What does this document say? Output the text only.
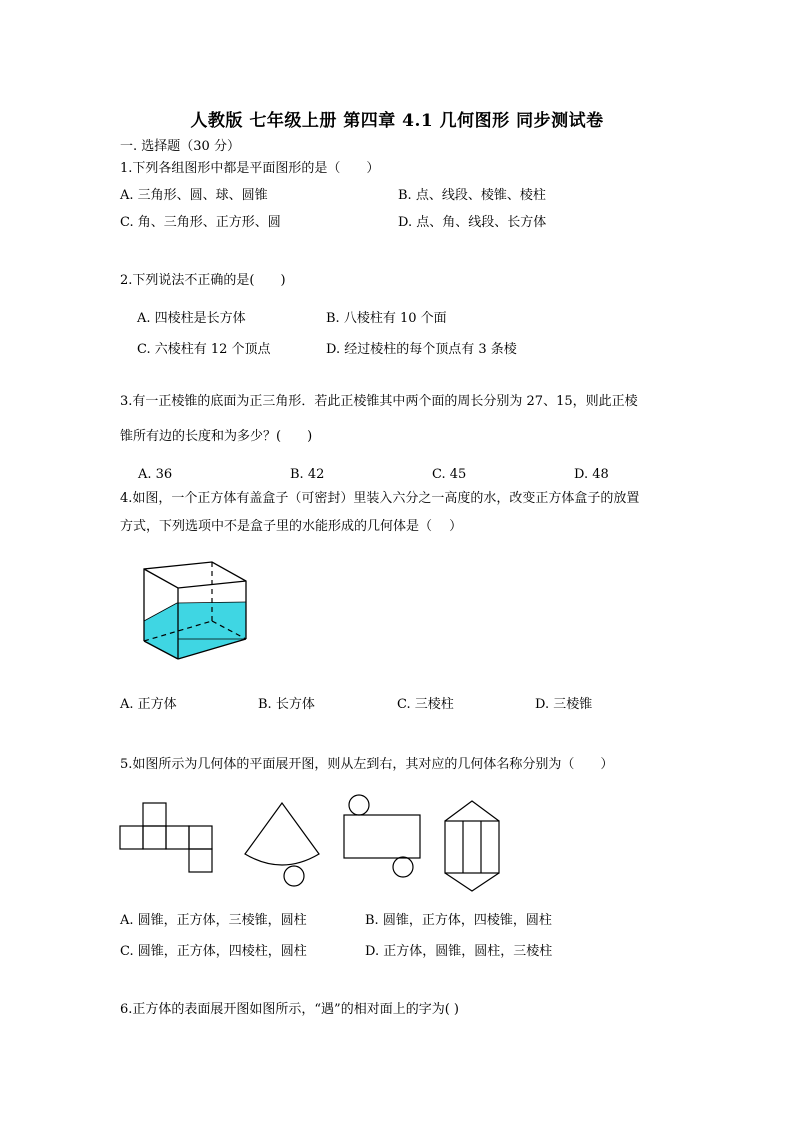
人教版 七年级上册 第四章 4.1 几何图形 同步测试卷
一. 选择题（30 分）
1.下列各组图形中都是平面图形的是（　　）
A. 三角形、圆、球、圆锥	B. 点、线段、棱锥、棱柱
C. 角、三角形、正方形、圆	D. 点、角、线段、长方体
2.下列说法不正确的是(　　)
A. 四棱柱是长方体	B. 八棱柱有 10 个面
C. 六棱柱有 12 个顶点	D. 经过棱柱的每个顶点有 3 条棱
3.有一正棱锥的底面为正三角形．若此正棱锥其中两个面的周长分别为 27、15，则此正棱
锥所有边的长度和为多少？(　　)
A. 36	B. 42	C. 45	D. 48
4.如图，一个正方体有盖盒子（可密封）里装入六分之一高度的水，改变正方体盒子的放置
方式，下列选项中不是盒子里的水能形成的几何体是（　 ）
A. 正方体	B. 长方体	C. 三棱柱	D. 三棱锥
5.如图所示为几何体的平面展开图，则从左到右，其对应的几何体名称分别为（　　）
A. 圆锥，正方体，三棱锥，圆柱	B. 圆锥，正方体，四棱锥，圆柱
C. 圆锥，正方体，四棱柱，圆柱	D. 正方体，圆锥，圆柱，三棱柱
6.正方体的表面展开图如图所示，“遇”的相对面上的字为( )
